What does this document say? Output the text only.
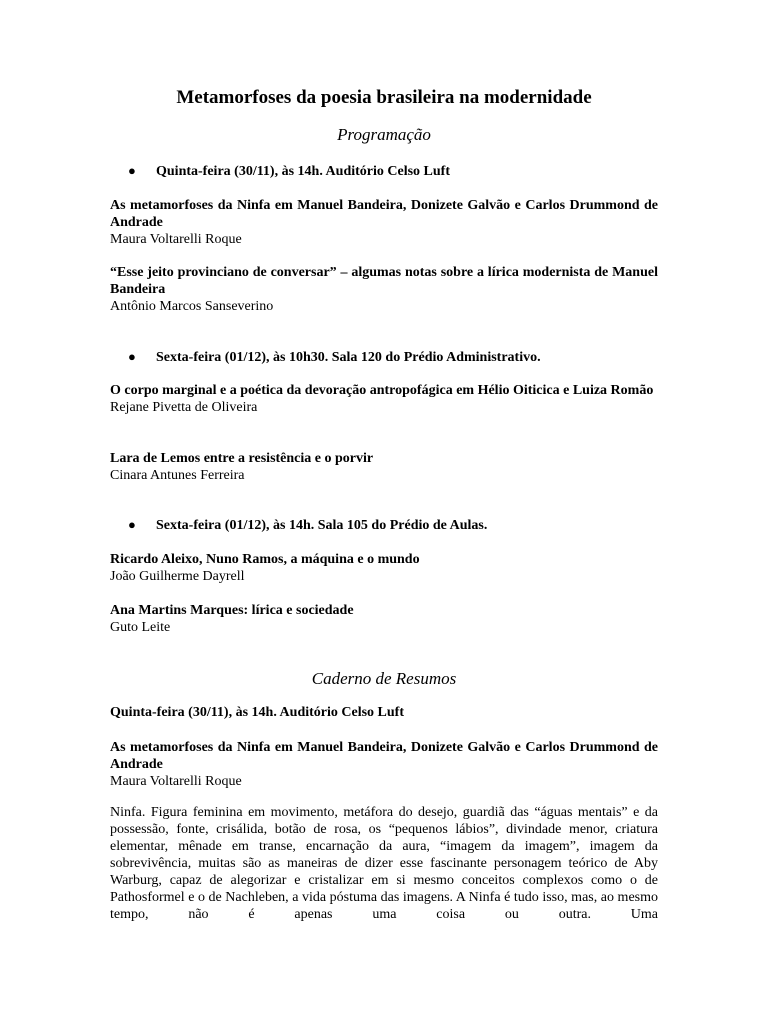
Metamorfoses da poesia brasileira na modernidade

Programação

● Quinta-feira (30/11), às 14h. Auditório Celso Luft

As metamorfoses da Ninfa em Manuel Bandeira, Donizete Galvão e Carlos Drummond de Andrade

Maura Voltarelli Roque

“Esse jeito provinciano de conversar” – algumas notas sobre a lírica modernista de Manuel Bandeira

Antônio Marcos Sanseverino

● Sexta-feira (01/12), às 10h30. Sala 120 do Prédio Administrativo.

O corpo marginal e a poética da devoração antropofágica em Hélio Oiticica e Luiza Romão

Rejane Pivetta de Oliveira

Lara de Lemos entre a resistência e o porvir

Cinara Antunes Ferreira

● Sexta-feira (01/12), às 14h. Sala 105 do Prédio de Aulas.

Ricardo Aleixo, Nuno Ramos, a máquina e o mundo

João Guilherme Dayrell

Ana Martins Marques: lírica e sociedade

Guto Leite

Caderno de Resumos

Quinta-feira (30/11), às 14h. Auditório Celso Luft

As metamorfoses da Ninfa em Manuel Bandeira, Donizete Galvão e Carlos Drummond de Andrade

Maura Voltarelli Roque

Ninfa. Figura feminina em movimento, metáfora do desejo, guardiã das “águas mentais” e da possessão, fonte, crisálida, botão de rosa, os “pequenos lábios”, divindade menor, criatura elementar, mênade em transe, encarnação da aura, “imagem da imagem”, imagem da sobrevivência, muitas são as maneiras de dizer esse fascinante personagem teórico de Aby Warburg, capaz de alegorizar e cristalizar em si mesmo conceitos complexos como o de Pathosformel e o de Nachleben, a vida póstuma das imagens. A Ninfa é tudo isso, mas, ao mesmo tempo, não é apenas uma coisa ou outra. Uma
